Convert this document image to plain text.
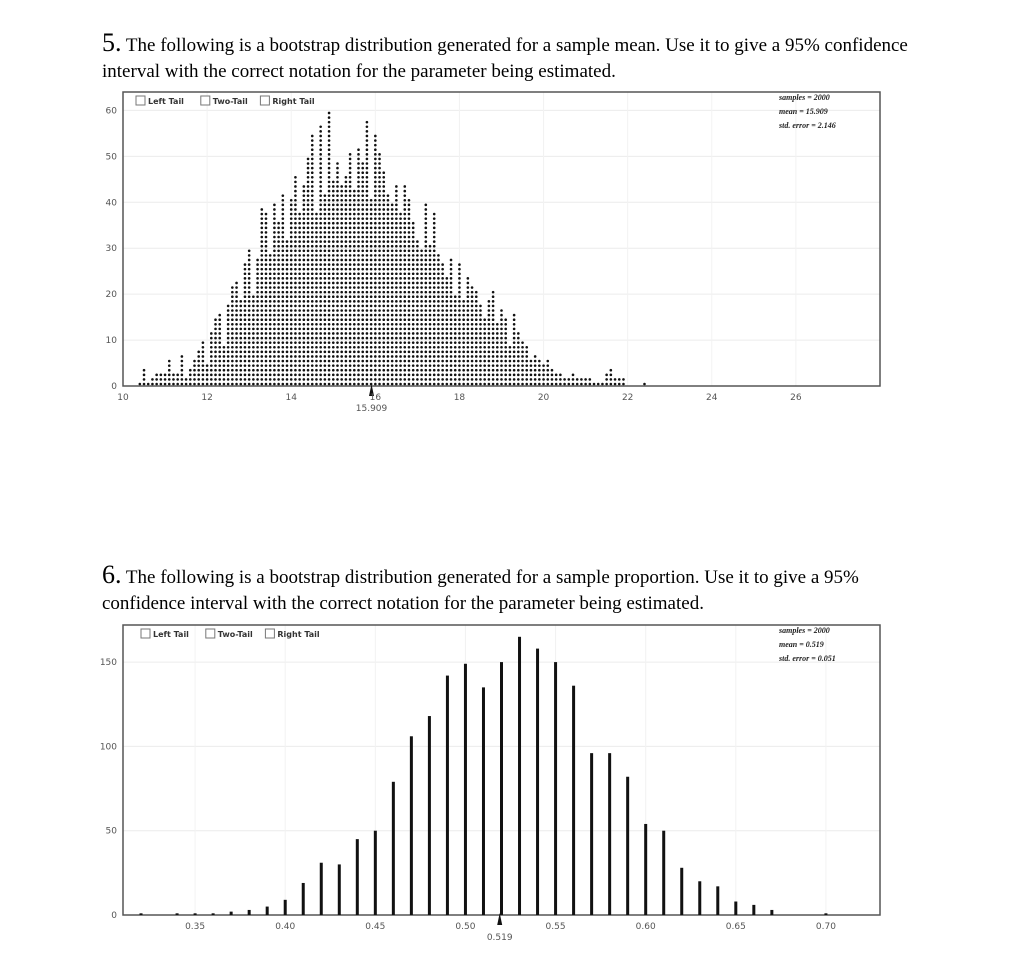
5. The following is a bootstrap distribution generated for a sample mean. Use it to give a 95% confidence interval with the correct notation for the parameter being estimated.
6. The following is a bootstrap distribution generated for a sample proportion. Use it to give a 95% confidence interval with the correct notation for the parameter being estimated.
0
10
20
30
40
50
60
10	12	14	16	18	20	22	24	26
Left Tail	Two-Tail	Right Tail	samples = 2000
mean = 15.909
std. error = 2.146
15.909
0
50
100
150
0.35	0.40	0.45	0.50	0.55	0.60	0.65	0.70
Left Tail	Two-Tail	Right Tail	samples = 2000
mean = 0.519
std. error = 0.051
0.519
